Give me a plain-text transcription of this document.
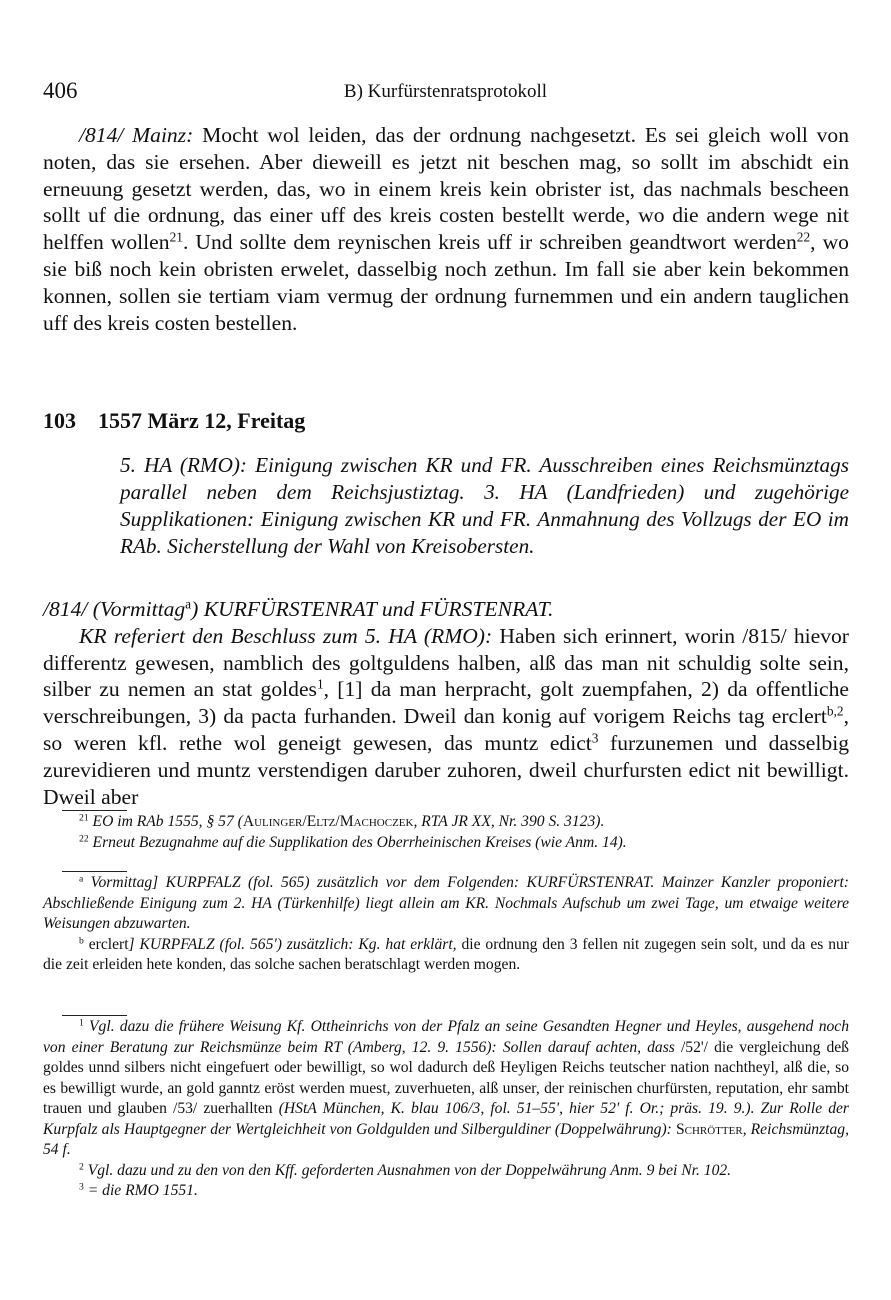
406	B) Kurfürstenratsprotokoll

/814/ Mainz: Mocht wol leiden, das der ordnung nachgesetzt. Es sei gleich woll von noten, das sie ersehen. Aber dieweill es jetzt nit beschen mag, so sollt im abschidt ein erneuung gesetzt werden, das, wo in einem kreis kein obrister ist, das nachmals bescheen sollt uf die ordnung, das einer uff des kreis costen bestellt werde, wo die andern wege nit helffen wollen$^{21}$. Und sollte dem reynischen kreis uff ir schreiben geandtwort werden$^{22}$, wo sie biß noch kein obristen erwelet, dasselbig noch zethun. Im fall sie aber kein bekommen konnen, sollen sie tertiam viam vermug der ordnung furnemmen und ein andern tauglichen uff des kreis costen bestellen.

103 1557 März 12, Freitag
5. HA (RMO): Einigung zwischen KR und FR. Ausschreiben eines Reichsmünztags parallel neben dem Reichsjustiztag. 3. HA (Landfrieden) und zugehörige Supplikationen: Einigung zwischen KR und FR. Anmahnung des Vollzugs der EO im RAb. Sicherstellung der Wahl von Kreisobersten.

/814/ (Vormittag$^a$) KURFÜRSTENRAT und FÜRSTENRAT.

KR referiert den Beschluss zum 5. HA (RMO): Haben sich erinnert, worin /815/ hievor differentz gewesen, namblich des goltguldens halben, alß das man nit schuldig solte sein, silber zu nemen an stat goldes$^1$, [1] da man herpracht, golt zuempfahen, 2) da offentliche verschreibungen, 3) da pacta furhanden. Dweil dan konig auf vorigem Reichs tag erclert$^{b,2}$, so weren kfl. rethe wol geneigt gewesen, das muntz edict$^3$ furzunemen und dasselbig zurevidieren und muntz verstendigen daruber zuhoren, dweil churfursten edict nit bewilligt. Dweil aber

$^{21}$ EO im RAb 1555, § 57 (Aulinger/Eltz/Machoczek, RTA JR XX, Nr. 390 S. 3123).

$^{22}$ Erneut Bezugnahme auf die Supplikation des Oberrheinischen Kreises (wie Anm. 14).

$^a$ Vormittag] KURPFALZ (fol. 565) zusätzlich vor dem Folgenden: KURFÜRSTENRAT. Mainzer Kanzler proponiert: Abschließende Einigung zum 2. HA (Türkenhilfe) liegt allein am KR. Nochmals Aufschub um zwei Tage, um etwaige weitere Weisungen abzuwarten.

$^b$ erclert] KURPFALZ (fol. 565') zusätzlich: Kg. hat erklärt, die ordnung den 3 fellen nit zugegen sein solt, und da es nur die zeit erleiden hete konden, das solche sachen beratschlagt werden mogen.

$^1$ Vgl. dazu die frühere Weisung Kf. Ottheinrichs von der Pfalz an seine Gesandten Hegner und Heyles, ausgehend noch von einer Beratung zur Reichsmünze beim RT (Amberg, 12. 9. 1556): Sollen darauf achten, dass /52'/ die vergleichung deß goldes unnd silbers nicht eingefuert oder bewilligt, so wol dadurch deß Heyligen Reichs teutscher nation nachtheyl, alß die, so es bewilligt wurde, an gold ganntz eröst werden muest, zuverhueten, alß unser, der reinischen churfürsten, reputation, ehr sambt trauen und glauben /53/ zuerhallten (HStA München, K. blau 106/3, fol. 51–55', hier 52' f. Or.; präs. 19. 9.). Zur Rolle der Kurpfalz als Hauptgegner der Wertgleichheit von Goldgulden und Silberguldiner (Doppelwährung): Schrötter, Reichsmünztag, 54 f.

$^2$ Vgl. dazu und zu den von den Kff. geforderten Ausnahmen von der Doppelwährung Anm. 9 bei Nr. 102.

$^3$ = die RMO 1551.
